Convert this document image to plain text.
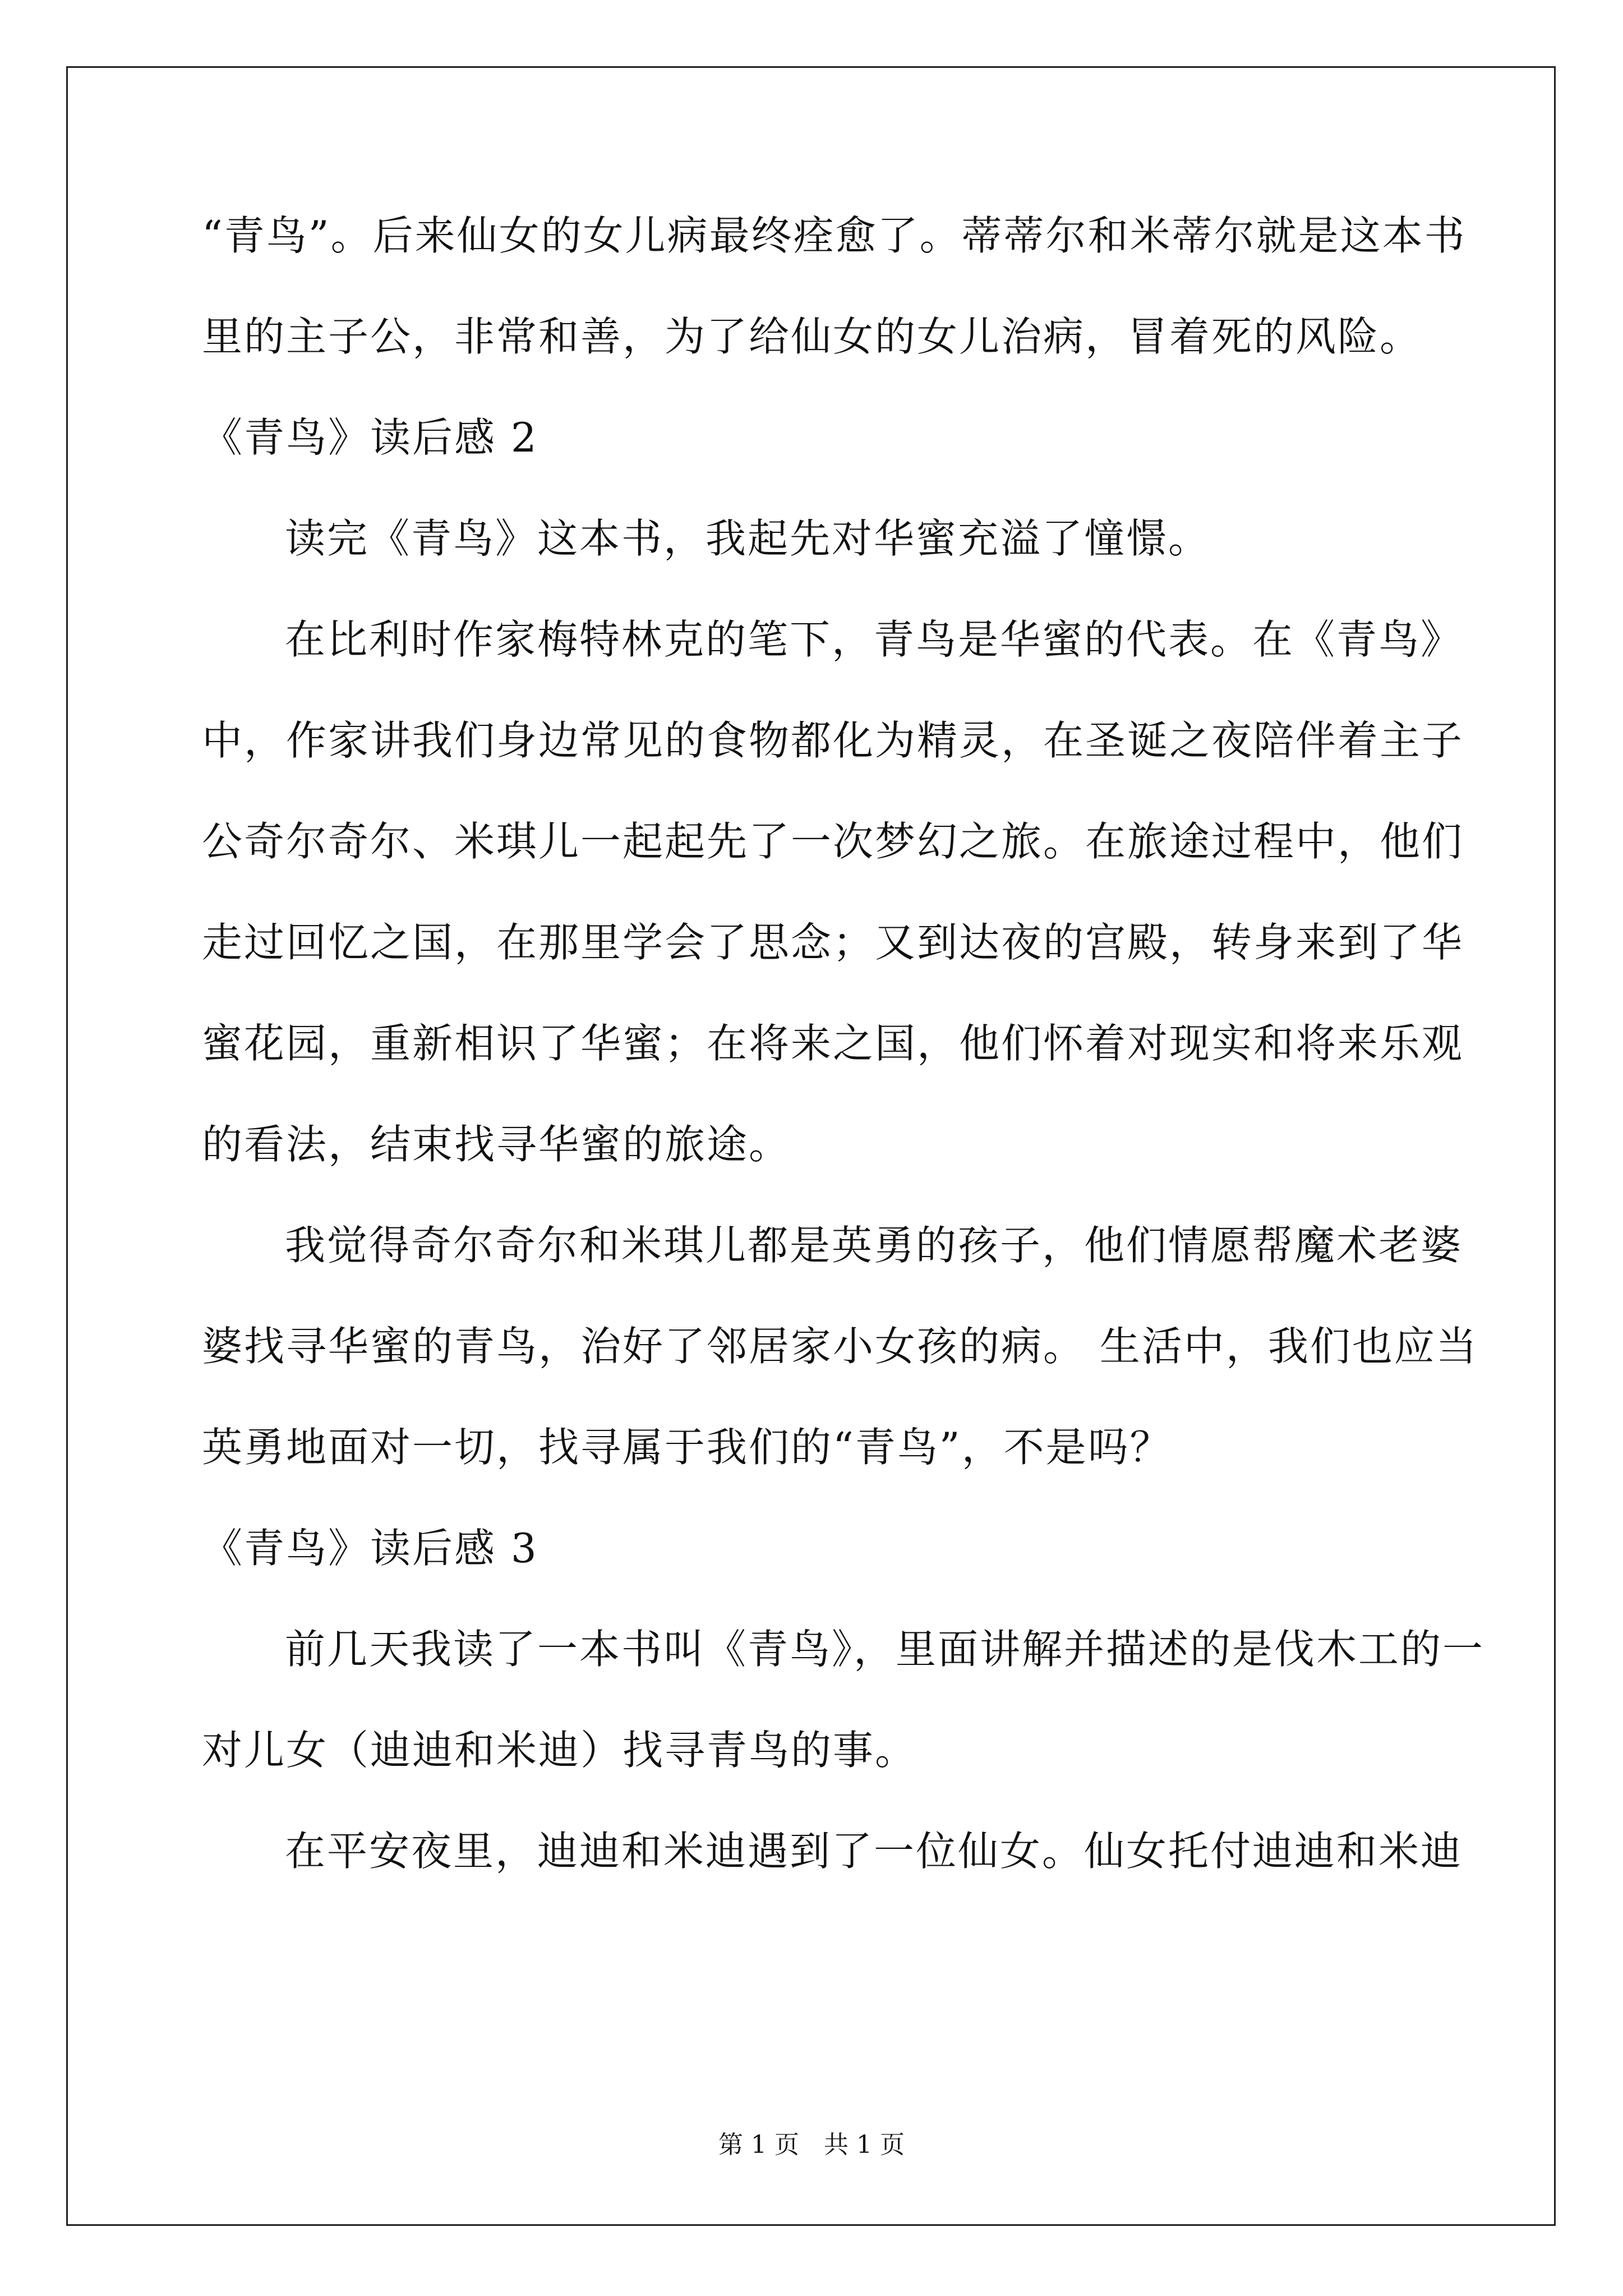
“青鸟”。后来仙女的女儿病最终痊愈了。蒂蒂尔和米蒂尔就是这本书
里的主子公，非常和善，为了给仙女的女儿治病，冒着死的风险。
《青鸟》读后感 2
读完《青鸟》这本书，我起先对华蜜充溢了憧憬。
在比利时作家梅特林克的笔下，青鸟是华蜜的代表。在《青鸟》
中，作家讲我们身边常见的食物都化为精灵，在圣诞之夜陪伴着主子
公奇尔奇尔、米琪儿一起起先了一次梦幻之旅。在旅途过程中，他们
走过回忆之国，在那里学会了思念；又到达夜的宫殿，转身来到了华
蜜花园，重新相识了华蜜；在将来之国，他们怀着对现实和将来乐观
的看法，结束找寻华蜜的旅途。
我觉得奇尔奇尔和米琪儿都是英勇的孩子，他们情愿帮魔术老婆
婆找寻华蜜的青鸟，治好了邻居家小女孩的病。 生活中，我们也应当
英勇地面对一切，找寻属于我们的“青鸟”，不是吗？
《青鸟》读后感 3
前几天我读了一本书叫《青鸟》，里面讲解并描述的是伐木工的一
对儿女（迪迪和米迪）找寻青鸟的事。
在平安夜里，迪迪和米迪遇到了一位仙女。仙女托付迪迪和米迪
第 1 页 共 1 页
